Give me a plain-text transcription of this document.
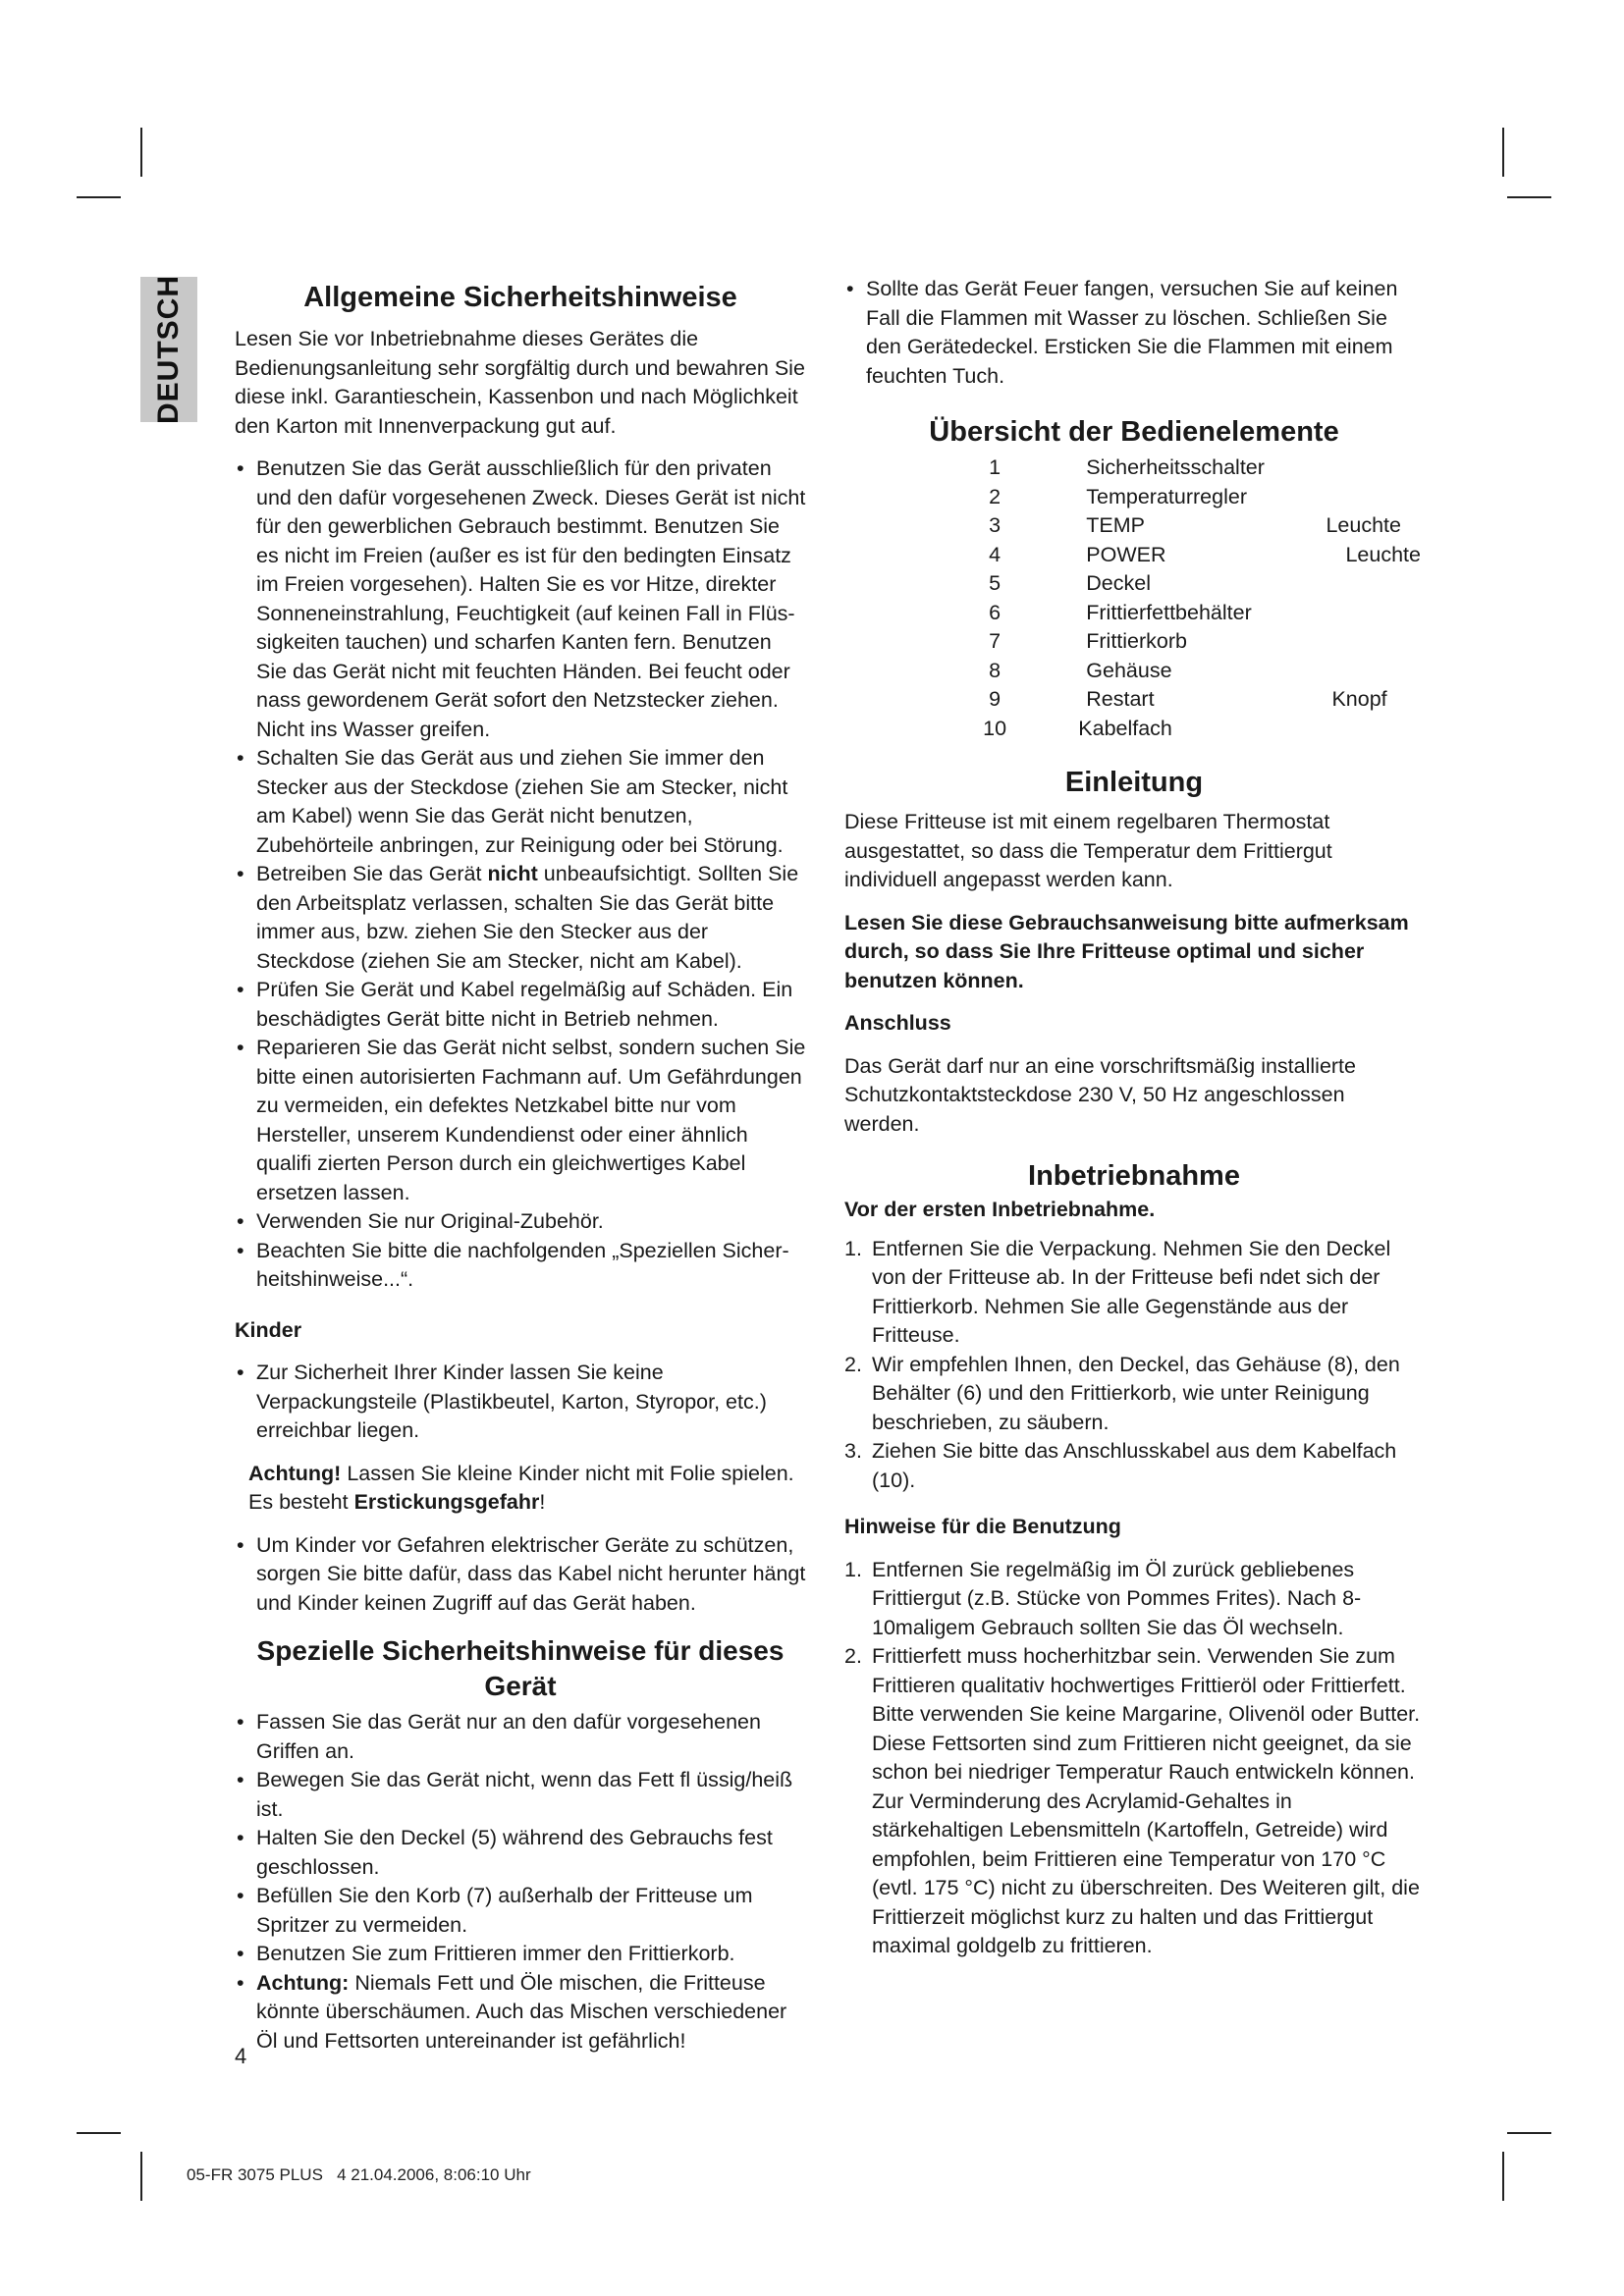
DEUTSCH	Allgemeine Sicherheitshinweise

Lesen Sie vor Inbetriebnahme dieses Gerätes die Bedienungsanleitung sehr sorgfältig durch und bewahren Sie diese inkl. Garantieschein, Kassenbon und nach Möglichkeit den Karton mit Innenverpackung gut auf.

• Benutzen Sie das Gerät ausschließlich für den privaten und den dafür vorgesehenen Zweck. Dieses Gerät ist nicht für den gewerblichen Gebrauch bestimmt. Benutzen Sie es nicht im Freien (außer es ist für den bedingten Einsatz im Freien vorgesehen). Halten Sie es vor Hitze, direkter Sonneneinstrahlung, Feuchtigkeit (auf keinen Fall in Flüssigkeiten tauchen) und scharfen Kanten fern. Benutzen Sie das Gerät nicht mit feuchten Händen. Bei feucht oder nass gewordenem Gerät sofort den Netzstecker ziehen. Nicht ins Wasser greifen.
• Schalten Sie das Gerät aus und ziehen Sie immer den Stecker aus der Steckdose (ziehen Sie am Stecker, nicht am Kabel) wenn Sie das Gerät nicht benutzen, Zubehörteile anbringen, zur Reinigung oder bei Störung.
• Betreiben Sie das Gerät nicht unbeaufsichtigt. Sollten Sie den Arbeitsplatz verlassen, schalten Sie das Gerät bitte immer aus, bzw. ziehen Sie den Stecker aus der Steckdose (ziehen Sie am Stecker, nicht am Kabel).
• Prüfen Sie Gerät und Kabel regelmäßig auf Schäden. Ein beschädigtes Gerät bitte nicht in Betrieb nehmen.
• Reparieren Sie das Gerät nicht selbst, sondern suchen Sie bitte einen autorisierten Fachmann auf. Um Gefährdungen zu vermeiden, ein defektes Netzkabel bitte nur vom Hersteller, unserem Kundendienst oder einer ähnlich qualifi zierten Person durch ein gleichwertiges Kabel ersetzen lassen.
• Verwenden Sie nur Original-Zubehör.
• Beachten Sie bitte die nachfolgenden „Speziellen Sicherheitshinweise...“.
Kinder
• Zur Sicherheit Ihrer Kinder lassen Sie keine Verpackungsteile (Plastikbeutel, Karton, Styropor, etc.) erreichbar liegen.

Achtung! Lassen Sie kleine Kinder nicht mit Folie spielen. Es besteht Erstickungsgefahr!

• Um Kinder vor Gefahren elektrischer Geräte zu schützen, sorgen Sie bitte dafür, dass das Kabel nicht herunter hängt und Kinder keinen Zugriff auf das Gerät haben.
Spezielle Sicherheitshinweise für dieses Gerät
• Fassen Sie das Gerät nur an den dafür vorgesehenen Griffen an.
• Bewegen Sie das Gerät nicht, wenn das Fett fl üssig/heiß ist.
• Halten Sie den Deckel (5) während des Gebrauchs fest geschlossen.
• Befüllen Sie den Korb (7) außerhalb der Fritteuse um Spritzer zu vermeiden.
• Benutzen Sie zum Frittieren immer den Frittierkorb.
• Achtung: Niemals Fett und Öle mischen, die Fritteuse könnte überschäumen. Auch das Mischen verschiedener Öl und Fettsorten untereinander ist gefährlich!
• Sollte das Gerät Feuer fangen, versuchen Sie auf keinen Fall die Flammen mit Wasser zu löschen. Schließen Sie den Gerätedeckel. Ersticken Sie die Flammen mit einem feuchten Tuch.
Übersicht der Bedienelemente
1	Sicherheitsschalter	
2	Temperaturregler	
3	TEMP	Leuchte
4	POWER	Leuchte
5	Deckel	
6	Frittierfettbehälter	
7	Frittierkorb	
8	Gehäuse	
9	Restart	Knopf
10	Kabelfach	
Einleitung

Diese Fritteuse ist mit einem regelbaren Thermostat ausgestattet, so dass die Temperatur dem Frittiergut individuell angepasst werden kann.

Lesen Sie diese Gebrauchsanweisung bitte aufmerksam durch, so dass Sie Ihre Fritteuse optimal und sicher benutzen können.

Anschluss

Das Gerät darf nur an eine vorschriftsmäßig installierte Schutzkontaktsteckdose 230 V, 50 Hz angeschlossen werden.

Inbetriebnahme
Vor der ersten Inbetriebnahme.
1. Entfernen Sie die Verpackung. Nehmen Sie den Deckel von der Fritteuse ab. In der Fritteuse befi ndet sich der Frittierkorb. Nehmen Sie alle Gegenstände aus der Fritteuse.
2. Wir empfehlen Ihnen, den Deckel, das Gehäuse (8), den Behälter (6) und den Frittierkorb, wie unter Reinigung beschrieben, zu säubern.
3. Ziehen Sie bitte das Anschlusskabel aus dem Kabelfach (10).
Hinweise für die Benutzung
1. Entfernen Sie regelmäßig im Öl zurück gebliebenes Frittiergut (z.B. Stücke von Pommes Frites). Nach 8-10maligem Gebrauch sollten Sie das Öl wechseln.
2. Frittierfett muss hocherhitzbar sein. Verwenden Sie zum Frittieren qualitativ hochwertiges Frittieröl oder Frittierfett. Bitte verwenden Sie keine Margarine, Olivenöl oder Butter. Diese Fettsorten sind zum Frittieren nicht geeignet, da sie schon bei niedriger Temperatur Rauch entwickeln können. Zur Verminderung des Acrylamid-Gehaltes in stärkehaltigen Lebensmitteln (Kartoffeln, Getreide) wird empfohlen, beim Frittieren eine Temperatur von 170 °C (evtl. 175 °C) nicht zu überschreiten. Des Weiteren gilt, die Frittierzeit möglichst kurz zu halten und das Frittiergut maximal goldgelb zu frittieren.
4
05-FR 3075 PLUS   4 21.04.2006, 8:06:10 Uhr
